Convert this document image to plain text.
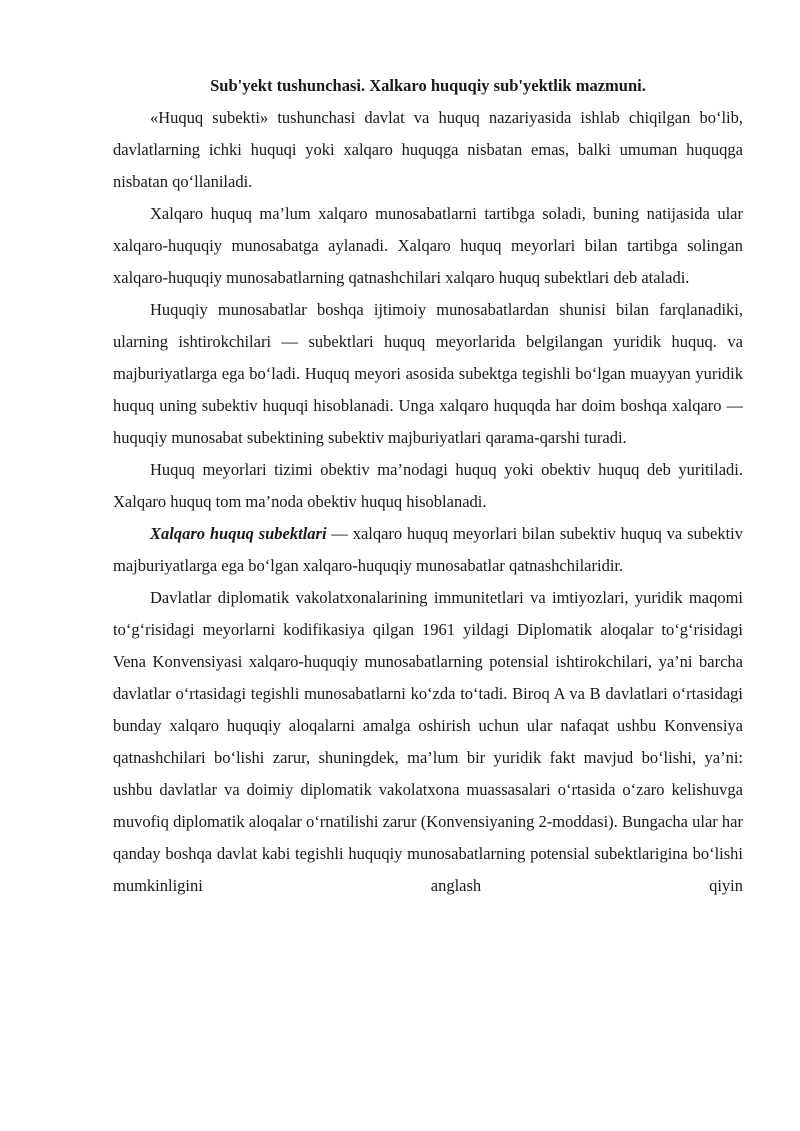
Sub'yekt tushunchasi. Xalkaro huquqiy sub'yektlik mazmuni.

«Huquq subekti» tushunchasi davlat va huquq nazariyasida ishlab chiqilgan bo‘lib, davlatlarning ichki huquqi yoki xalqaro huquqga nisbatan emas, balki umuman huquqga nisbatan qo‘llaniladi.

Xalqaro huquq ma’lum xalqaro munosabatlarni tartibga soladi, buning natijasida ular xalqaro-huquqiy munosabatga aylanadi. Xalqaro huquq meyorlari bilan tartibga solingan xalqaro-huquqiy munosabatlarning qatnashchilari xalqaro huquq subektlari deb ataladi.

Huquqiy munosabatlar boshqa ijtimoiy munosabatlardan shunisi bilan farqlanadiki, ularning ishtirokchilari — subektlari huquq meyorlarida belgilangan yuridik huquq. va majburiyatlarga ega bo‘ladi. Huquq meyori asosida subektga tegishli bo‘lgan muayyan yuridik huquq uning subektiv huquqi hisoblanadi. Unga xalqaro huquqda har doim boshqa xalqaro — huquqiy munosabat subektining subektiv majburiyatlari qarama-qarshi turadi.

Huquq meyorlari tizimi obektiv ma’nodagi huquq yoki obektiv huquq deb yuritiladi. Xalqaro huquq tom ma’noda obektiv huquq hisoblanadi.

Xalqaro huquq subektlari — xalqaro huquq meyorlari bilan subektiv huquq va subektiv majburiyatlarga ega bo‘lgan xalqaro-huquqiy munosabatlar qatnashchilaridir.

Davlatlar diplomatik vakolatxonalarining immunitetlari va imtiyozlari, yuridik maqomi to‘g‘risidagi meyorlarni kodifikasiya qilgan 1961 yildagi Diplomatik aloqalar to‘g‘risidagi Vena Konvensiyasi xalqaro-huquqiy munosabatlarning potensial ishtirokchilari, ya’ni barcha davlatlar o‘rtasidagi tegishli munosabatlarni ko‘zda to‘tadi. Biroq A va B davlatlari o‘rtasidagi bunday xalqaro huquqiy aloqalarni amalga oshirish uchun ular nafaqat ushbu Konvensiya qatnashchilari bo‘lishi zarur, shuningdek, ma’lum bir yuridik fakt mavjud bo‘lishi, ya’ni: ushbu davlatlar va doimiy diplomatik vakolatxona muassasalari o‘rtasida o‘zaro kelishuvga muvofiq diplomatik aloqalar o‘rnatilishi zarur (Konvensiyaning 2-moddasi). Bungacha ular har qanday boshqa davlat kabi tegishli huquqiy munosabatlarning potensial subektlarigina bo‘lishi mumkinligini anglash qiyin
